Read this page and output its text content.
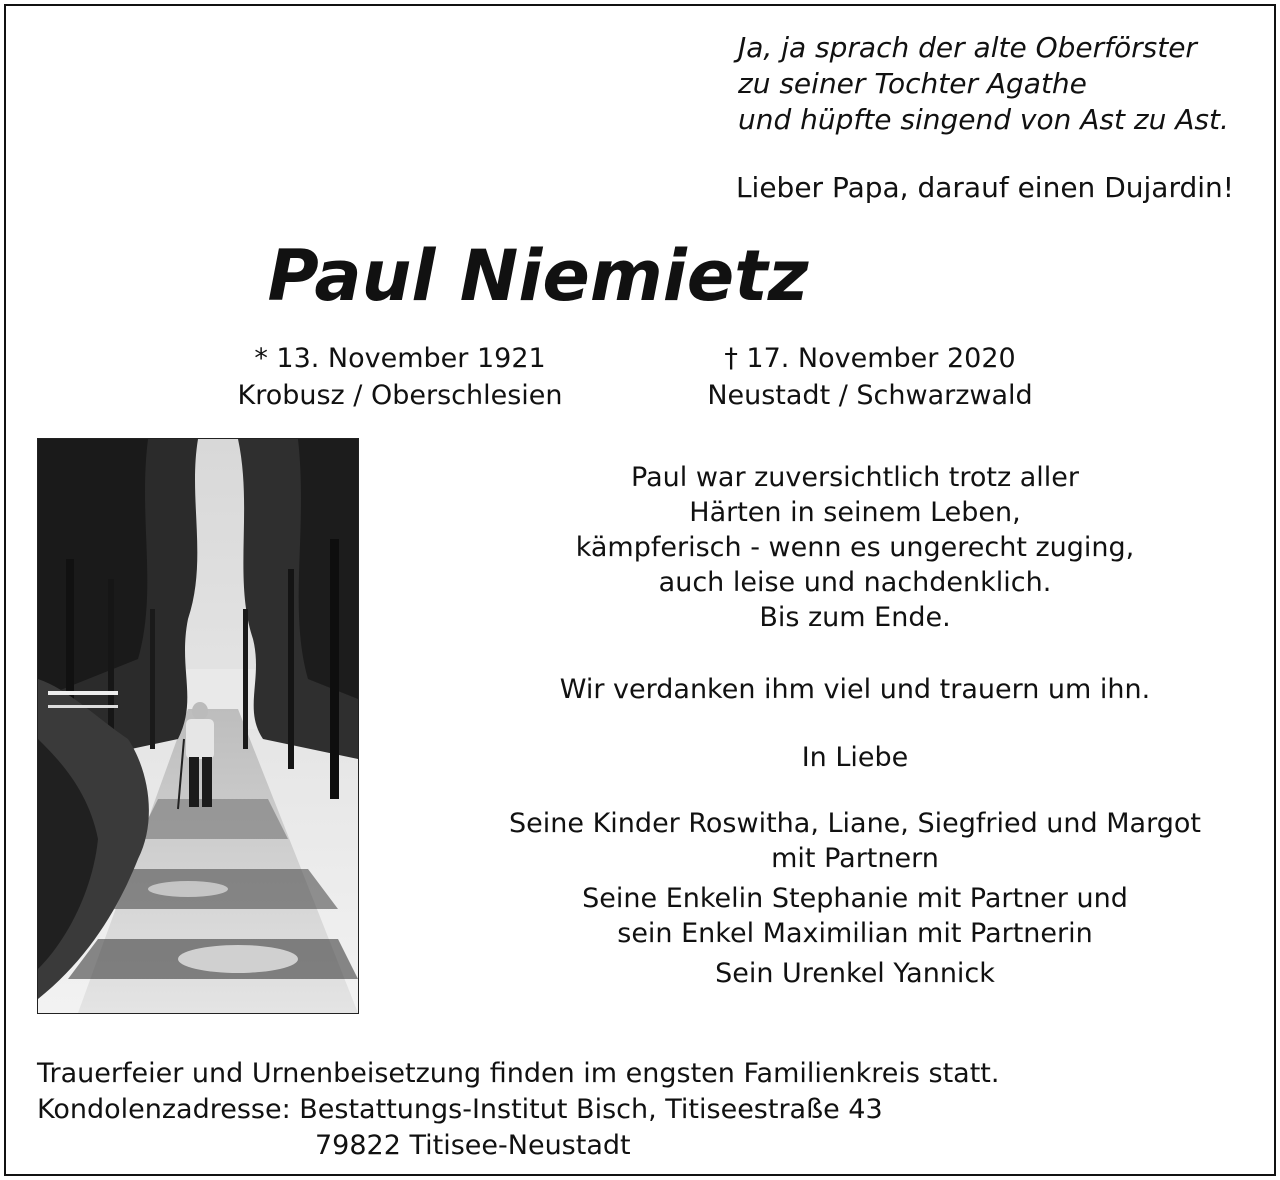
Ja, ja sprach der alte Oberförster
zu seiner Tochter Agathe
und hüpfte singend von Ast zu Ast.
Lieber Papa, darauf einen Dujardin!
Paul Niemietz
* 13. November 1921
Krobusz / Oberschlesien
† 17. November 2020
Neustadt / Schwarzwald
Paul war zuversichtlich trotz aller
Härten in seinem Leben,
kämpferisch - wenn es ungerecht zuging,
auch leise und nachdenklich.
Bis zum Ende.
Wir verdanken ihm viel und trauern um ihn.
In Liebe
Seine Kinder Roswitha, Liane, Siegfried und Margot
mit Partnern
Seine Enkelin Stephanie mit Partner und
sein Enkel Maximilian mit Partnerin
Sein Urenkel Yannick
Trauerfeier und Urnenbeisetzung finden im engsten Familienkreis statt.
Kondolenzadresse: Bestattungs-Institut Bisch, Titiseestraße 43
79822 Titisee-Neustadt
